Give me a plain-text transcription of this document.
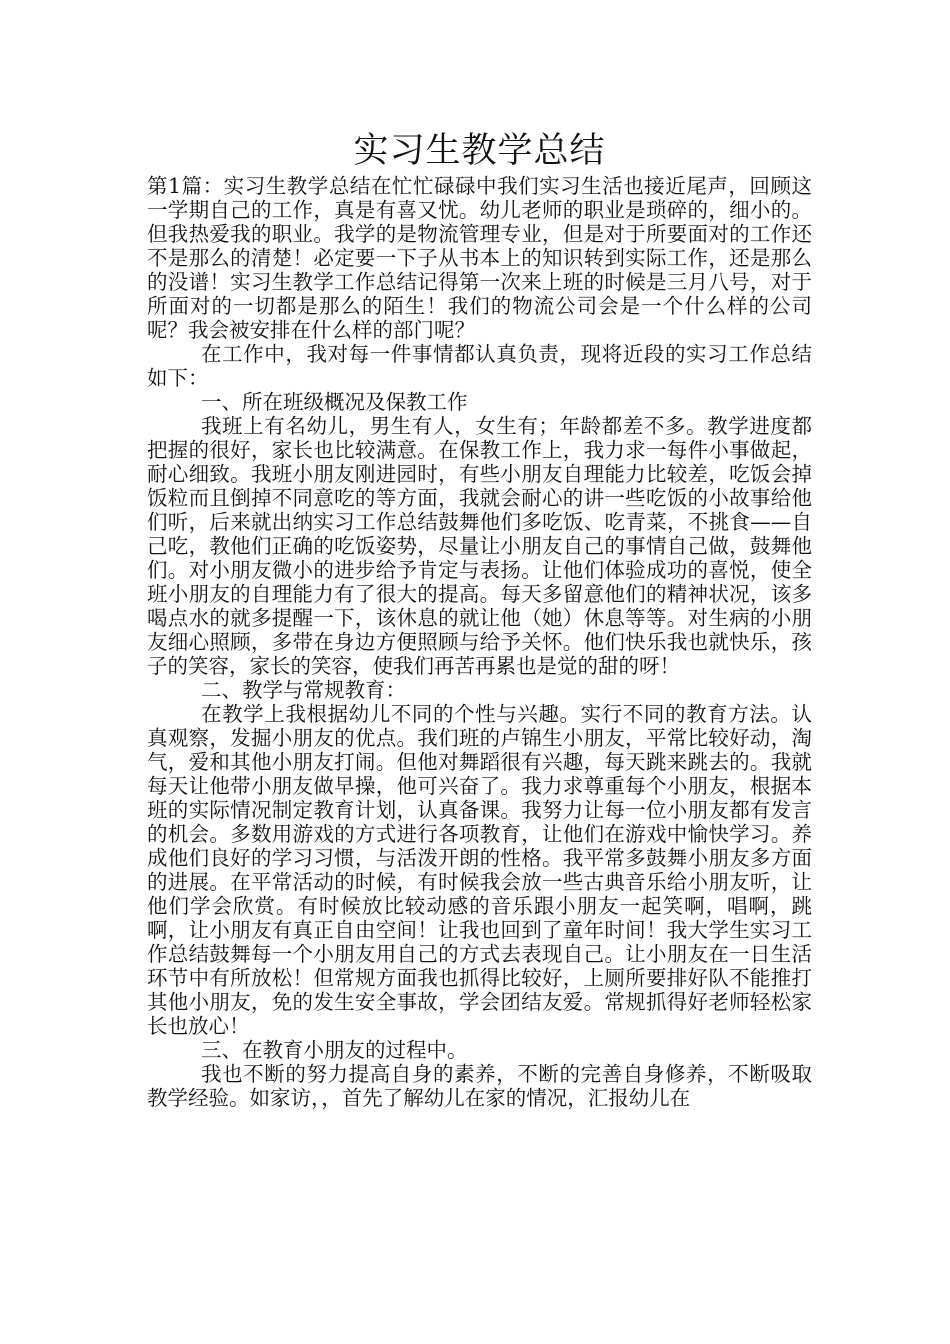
实习生教学总结

第1篇：实习生教学总结在忙忙碌碌中我们实习生活也接近尾声，回顾这一学期自己的工作，真是有喜又忧。幼儿老师的职业是琐碎的，细小的。但我热爱我的职业。我学的是物流管理专业，但是对于所要面对的工作还不是那么的清楚！必定要一下子从书本上的知识转到实际工作，还是那么的没谱！实习生教学工作总结记得第一次来上班的时候是三月八号，对于所面对的一切都是那么的陌生！我们的物流公司会是一个什么样的公司呢？我会被安排在什么样的部门呢？

在工作中，我对每一件事情都认真负责，现将近段的实习工作总结如下：

一、所在班级概况及保教工作

我班上有名幼儿，男生有人，女生有；年龄都差不多。教学进度都把握的很好，家长也比较满意。在保教工作上，我力求一每件小事做起，耐心细致。我班小朋友刚进园时，有些小朋友自理能力比较差，吃饭会掉饭粒而且倒掉不同意吃的等方面，我就会耐心的讲一些吃饭的小故事给他们听，后来就出纳实习工作总结鼓舞他们多吃饭、吃青菜，不挑食——自己吃，教他们正确的吃饭姿势，尽量让小朋友自己的事情自己做，鼓舞他们。对小朋友微小的进步给予肯定与表扬。让他们体验成功的喜悦，使全班小朋友的自理能力有了很大的提高。每天多留意他们的精神状况，该多喝点水的就多提醒一下，该休息的就让他（她）休息等等。对生病的小朋友细心照顾，多带在身边方便照顾与给予关怀。他们快乐我也就快乐，孩子的笑容，家长的笑容，使我们再苦再累也是觉的甜的呀！

二、教学与常规教育：

在教学上我根据幼儿不同的个性与兴趣。实行不同的教育方法。认真观察，发掘小朋友的优点。我们班的卢锦生小朋友，平常比较好动，淘气，爱和其他小朋友打闹。但他对舞蹈很有兴趣，每天跳来跳去的。我就每天让他带小朋友做早操，他可兴奋了。我力求尊重每个小朋友，根据本班的实际情况制定教育计划，认真备课。我努力让每一位小朋友都有发言的机会。多数用游戏的方式进行各项教育，让他们在游戏中愉快学习。养成他们良好的学习习惯，与活泼开朗的性格。我平常多鼓舞小朋友多方面的进展。在平常活动的时候，有时候我会放一些古典音乐给小朋友听，让他们学会欣赏。有时候放比较动感的音乐跟小朋友一起笑啊，唱啊，跳啊，让小朋友有真正自由空间！让我也回到了童年时间！我大学生实习工作总结鼓舞每一个小朋友用自己的方式去表现自己。让小朋友在一日生活环节中有所放松！但常规方面我也抓得比较好，上厕所要排好队不能推打其他小朋友，免的发生安全事故，学会团结友爱。常规抓得好老师轻松家长也放心！

三、在教育小朋友的过程中。

我也不断的努力提高自身的素养，不断的完善自身修养，不断吸取教学经验。如家访，，首先了解幼儿在家的情况，汇报幼儿在
